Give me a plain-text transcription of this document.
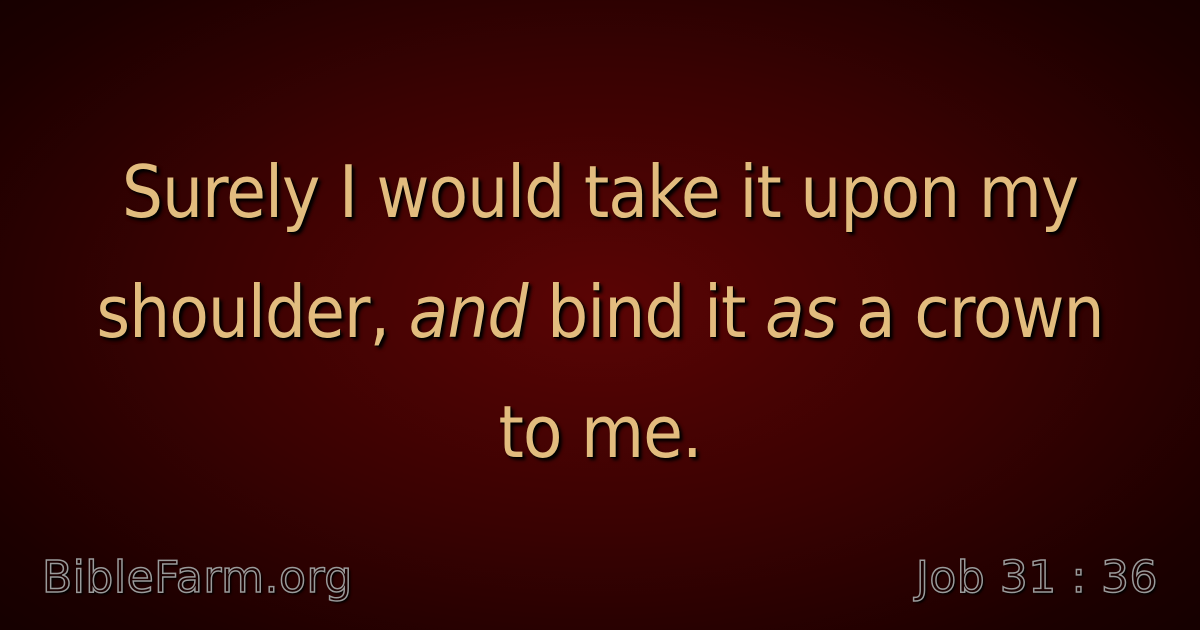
Surely I would take it upon my
shoulder, and bind it as a crown
to me.
BibleFarm.org	Job 31 : 36
